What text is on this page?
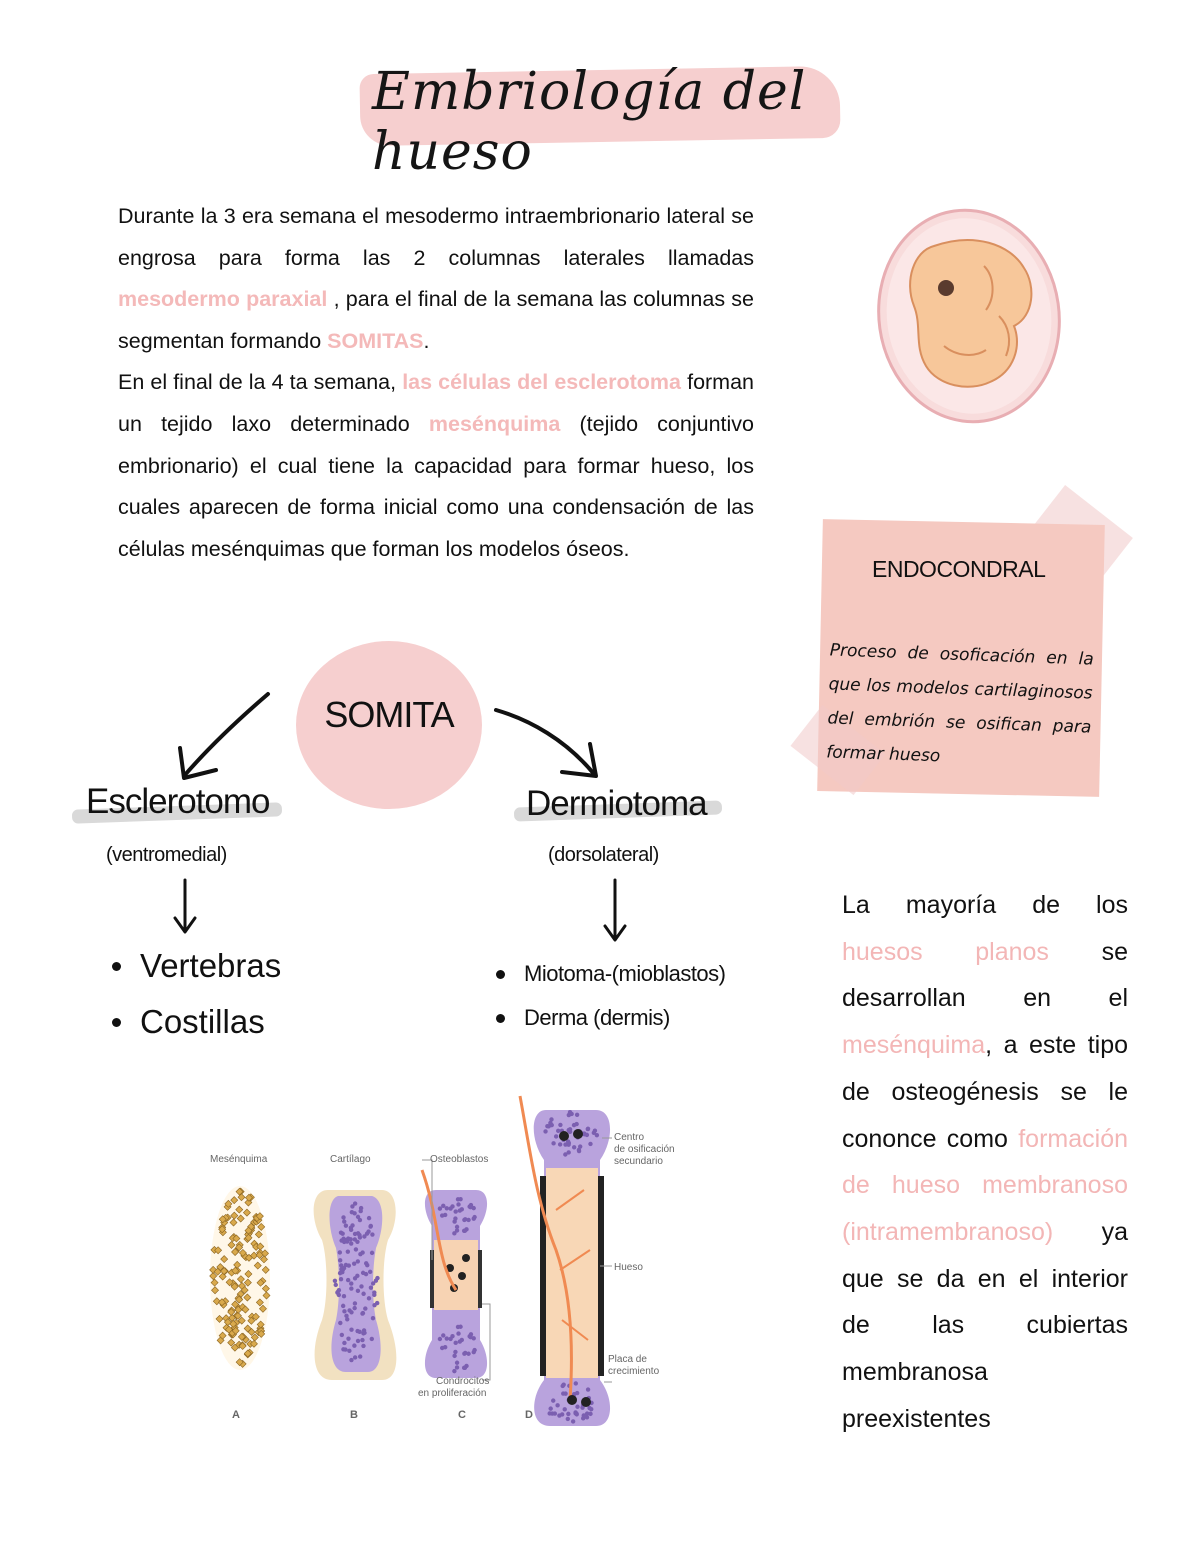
Embriología del hueso
Durante la 3 era semana el mesodermo intraembrionario lateral se engrosa para forma las 2 columnas laterales llamadas mesodermo paraxial , para el final de la semana las columnas se segmentan formando SOMITAS.
En el final de la 4 ta semana, las células del esclerotoma forman un tejido laxo determinado mesénquima (tejido conjuntivo embrionario) el cual tiene la capacidad para formar hueso, los cuales aparecen de forma inicial como una condensación de las células mesénquimas que forman los modelos óseos.
ENDOCONDRAL
Proceso de osoficación en la que los modelos cartilaginosos del embrión se osifican para formar hueso
SOMITA
Esclerotomo
(ventromedial)
Dermiotoma
(dorsolateral)
Vertebras
Costillas
Miotoma-(mioblastos)
Derma (dermis)
La mayoría de los huesos planos se desarrollan en el mesénquima, a este tipo de osteogénesis se le cononce como formación de hueso membranoso (intramembranoso) ya que se da en el interior de las cubiertas membranosa preexistentes
Mesénquima	Cartílago	Osteoblastos
Centro
de osificación
secundario
Hueso
Placa de
crecimiento
Condrocitos
en proliferación
A	B	C	D
